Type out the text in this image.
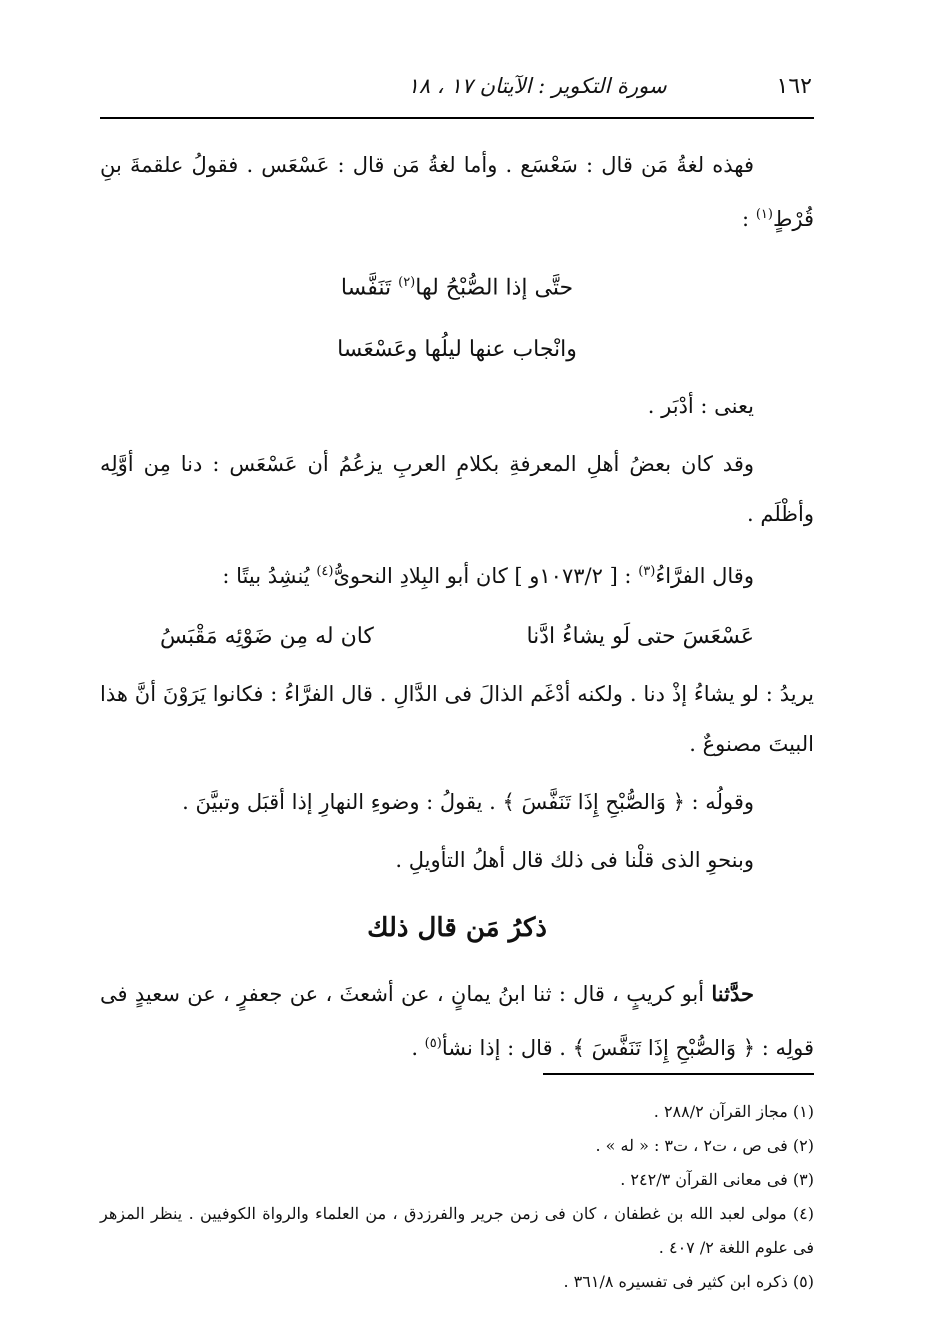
١٦٢
سورة التكوير : الآيتان ١٧ ، ١٨

فهذه لغةُ مَن قال : سَعْسَع . وأما لغةُ مَن قال : عَسْعَس . فقولُ علقمةَ بنِ قُرْطٍ$^{(١)}$ :

حتَّى إذا الصُّبْحُ لها$^{(٢)}$ تَنَفَّسا

وانْجاب عنها ليلُها وعَسْعَسا

يعنى : أدْبَر .

وقد كان بعضُ أهلِ المعرفةِ بكلامِ العربِ يزعُمُ أن عَسْعَس : دنا مِن أوَّلِه وأظْلَم .

وقال الفرَّاءُ$^{(٣)}$ : [ ١٠٧٣/٢و ] كان أبو البِلادِ النحوىُّ$^{(٤)}$ يُنشِدُ بيتًا :

عَسْعَسَ حتى لَو يشاءُ ادَّنا
كان له مِن ضَوْئِه مَقْبَسُ

يريدُ : لو يشاءُ إذْ دنا . ولكنه أدْغَم الذالَ فى الدَّالِ . قال الفرَّاءُ : فكانوا يَرَوْنَ أنَّ هذا البيتَ مصنوعٌ .

وقولُه : ﴿ وَالصُّبْحِ إِذَا تَنَفَّسَ ﴾ . يقولُ : وضوءِ النهارِ إذا أقبَل وتبيَّنَ .

وبنحوِ الذى قلْنا فى ذلك قال أهلُ التأويلِ .

ذكرُ مَن قال ذلك

حدَّثنا أبو كريبٍ ، قال : ثنا ابنُ يمانٍ ، عن أشعثَ ، عن جعفرٍ ، عن سعيدٍ فى قولِه : ﴿ وَالصُّبْحِ إِذَا تَنَفَّسَ ﴾ . قال : إذا نشأ$^{(٥)}$ .

(١) مجاز القرآن ٢٨٨/٢ .

(٢) فى ص ، ت٢ ، ت٣ : « له » .

(٣) فى معانى القرآن ٢٤٢/٣ .

(٤) مولى لعبد الله بن غطفان ، كان فى زمن جرير والفرزدق ، من العلماء والرواة الكوفيين . ينظر المزهر فى علوم اللغة ٢/ ٤٠٧ .

(٥) ذكره ابن كثير فى تفسيره ٣٦١/٨ .
